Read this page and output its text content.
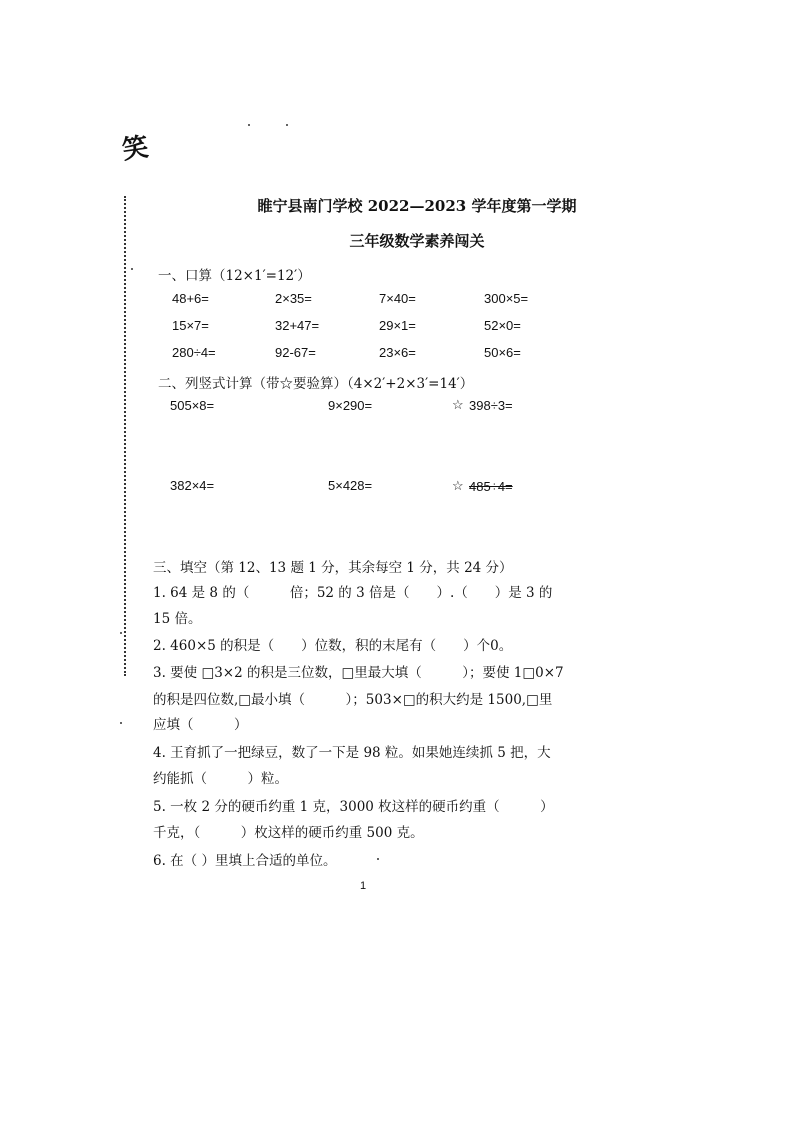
笑
睢宁县南门学校 2022—2023 学年度第一学期
三年级数学素养闯关
一、口算（12×1′=12′）
48+6=	2×35=	7×40=	300×5=
15×7=	32+47=	29×1=	52×0=
280÷4=	92-67=	23×6=	50×6=
二、列竖式计算（带☆要验算）（4×2′+2×3′=14′）
505×8=	9×290=	☆ 398÷3=
382×4=	5×428=	☆ 485÷4=
三、填空（第 12、13 题 1 分，其余每空 1 分，共 24 分）
1. 64 是 8 的（　　　倍；52 的 3 倍是（　　）.（　　）是 3 的
15 倍。
2. 460×5 的积是（　　）位数，积的末尾有（　　）个0。
3. 要使 □3×2 的积是三位数，□里最大填（　　　）；要使 1□0×7
的积是四位数,□最小填（　　　）；503×□的积大约是 1500,□里
应填（　　　）
4. 王育抓了一把绿豆，数了一下是 98 粒。如果她连续抓 5 把，大
约能抓（　　　）粒。
5. 一枚 2 分的硬币约重 1 克，3000 枚这样的硬币约重（　　　）
千克，（　　　）枚这样的硬币约重 500 克。
6. 在（ ）里填上合适的单位。
1
